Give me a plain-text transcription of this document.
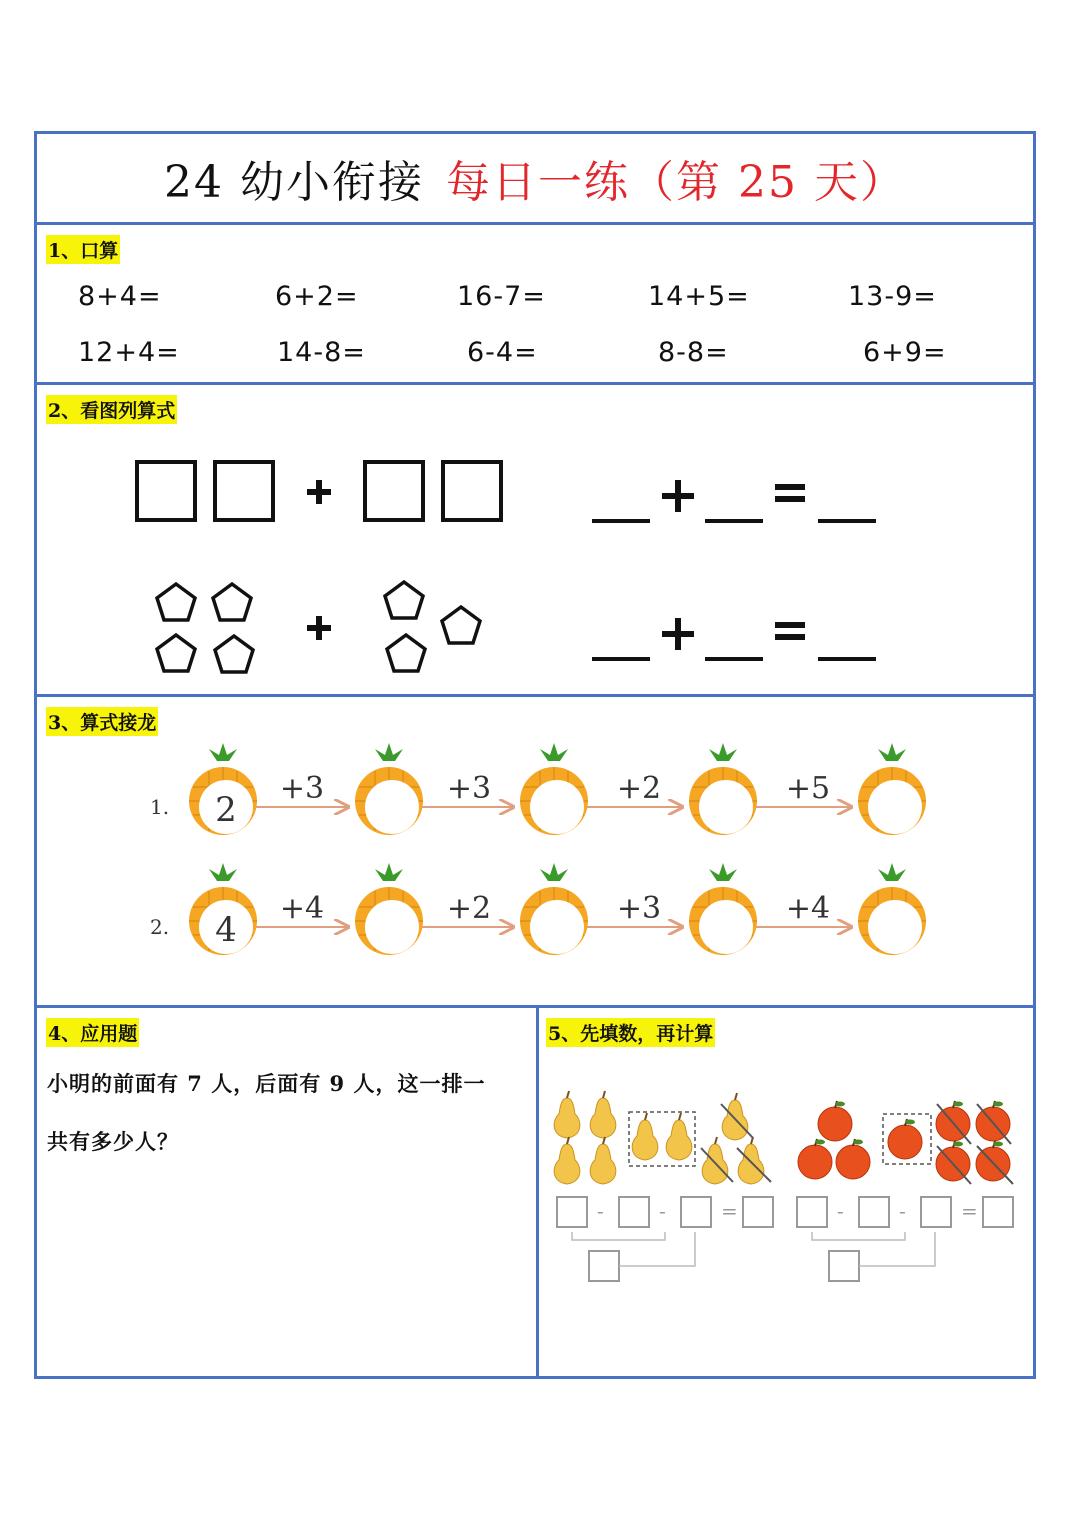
24 幼小衔接 每日一练（第 25 天）
1、口算
8+4=	6+2=	16-7=	14+5=	13-9=
12+4=	14-8=	6-4=	8-8=	6+9=
2、看图列算式
3、算式接龙
1.
2.
2
+3	+3	+2	+5
4
+4	+2	+3	+4
4、应用题
小明的前面有 7 人，后面有 9 人，这一排一
共有多少人？
5、先填数，再计算
-	-	=	-	-	=
